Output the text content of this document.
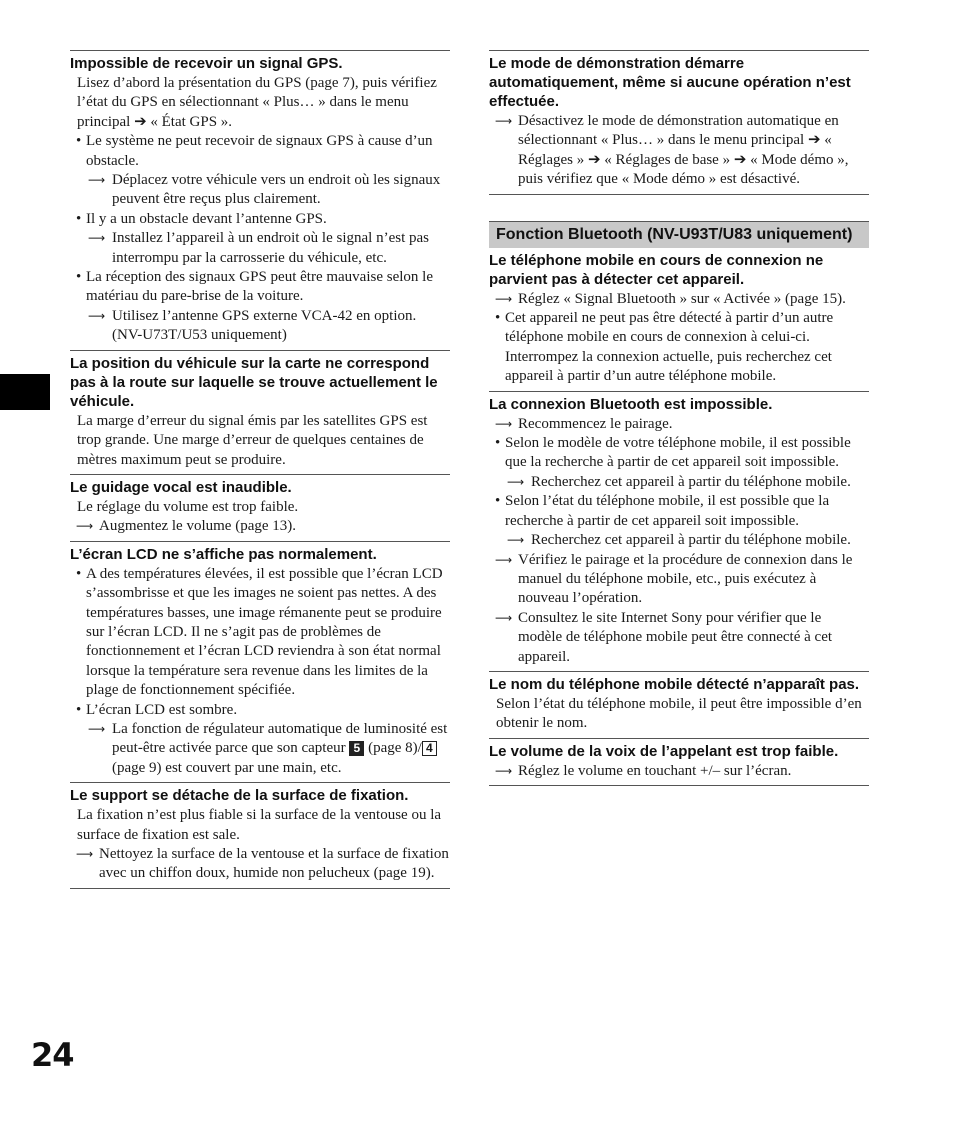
Impossible de recevoir un signal GPS.
Lisez d’abord la présentation du GPS (page 7), puis vérifiez l’état du GPS en sélectionnant « Plus… » dans le menu principal ➔ « État GPS ».
• Le système ne peut recevoir de signaux GPS à cause d’un obstacle.
⟶ Déplacez votre véhicule vers un endroit où les signaux peuvent être reçus plus clairement.
• Il y a un obstacle devant l’antenne GPS.
⟶ Installez l’appareil à un endroit où le signal n’est pas interrompu par la carrosserie du véhicule, etc.
• La réception des signaux GPS peut être mauvaise selon le matériau du pare-brise de la voiture.
⟶ Utilisez l’antenne GPS externe VCA-42 en option. (NV-U73T/U53 uniquement)
La position du véhicule sur la carte ne correspond pas à la route sur laquelle se trouve actuellement le véhicule.
La marge d’erreur du signal émis par les satellites GPS est trop grande. Une marge d’erreur de quelques centaines de mètres maximum peut se produire.
Le guidage vocal est inaudible.
Le réglage du volume est trop faible.
⟶ Augmentez le volume (page 13).
L’écran LCD ne s’affiche pas normalement.
• A des températures élevées, il est possible que l’écran LCD s’assombrisse et que les images ne soient pas nettes. A des températures basses, une image rémanente peut se produire sur l’écran LCD. Il ne s’agit pas de problèmes de fonctionnement et l’écran LCD reviendra à son état normal lorsque la température sera revenue dans les limites de la plage de fonctionnement spécifiée.
• L’écran LCD est sombre.
⟶ La fonction de régulateur automatique de luminosité est peut-être activée parce que son capteur 5 (page 8)/ 4 (page 9) est couvert par une main, etc.
Le support se détache de la surface de fixation.
La fixation n’est plus fiable si la surface de la ventouse ou la surface de fixation est sale.
⟶ Nettoyez la surface de la ventouse et la surface de fixation avec un chiffon doux, humide non pelucheux (page 19).
Le mode de démonstration démarre automatiquement, même si aucune opération n’est effectuée.
⟶ Désactivez le mode de démonstration automatique en sélectionnant « Plus… » dans le menu principal ➔ « Réglages » ➔ « Réglages de base » ➔ « Mode démo », puis vérifiez que « Mode démo » est désactivé.
Fonction Bluetooth (NV-U93T/U83 uniquement)
Le téléphone mobile en cours de connexion ne parvient pas à détecter cet appareil.
⟶ Réglez « Signal Bluetooth » sur « Activée » (page 15).
• Cet appareil ne peut pas être détecté à partir d’un autre téléphone mobile en cours de connexion à celui-ci. Interrompez la connexion actuelle, puis recherchez cet appareil à partir d’un autre téléphone mobile.
La connexion Bluetooth est impossible.
⟶ Recommencez le pairage.
• Selon le modèle de votre téléphone mobile, il est possible que la recherche à partir de cet appareil soit impossible.
⟶ Recherchez cet appareil à partir du téléphone mobile.
• Selon l’état du téléphone mobile, il est possible que la recherche à partir de cet appareil soit impossible.
⟶ Recherchez cet appareil à partir du téléphone mobile.
⟶ Vérifiez le pairage et la procédure de connexion dans le manuel du téléphone mobile, etc., puis exécutez à nouveau l’opération.
⟶ Consultez le site Internet Sony pour vérifier que le modèle de téléphone mobile peut être connecté à cet appareil.
Le nom du téléphone mobile détecté n’apparaît pas.
Selon l’état du téléphone mobile, il peut être impossible d’en obtenir le nom.
Le volume de la voix de l’appelant est trop faible.
⟶ Réglez le volume en touchant +/– sur l’écran.
24
